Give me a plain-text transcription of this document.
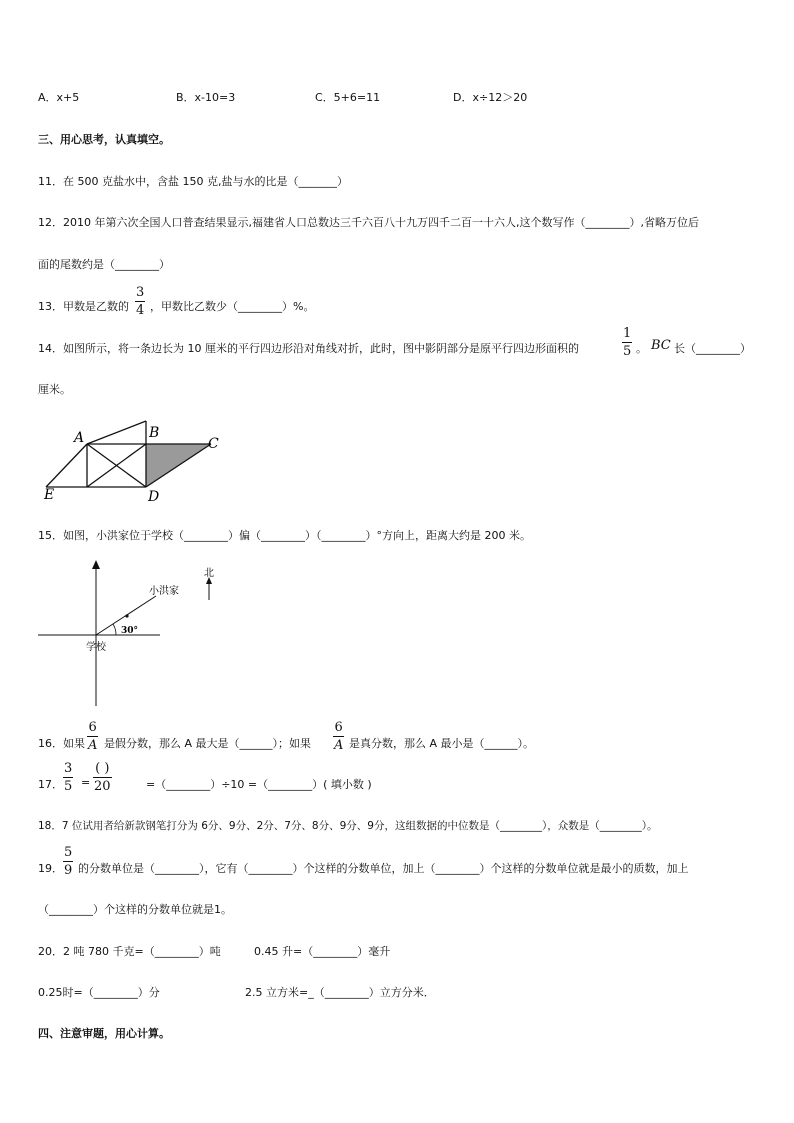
A．x+5	B．x-10=3	C．5+6=11	D．x÷12＞20
三、用心思考，认真填空。
11．在 500 克盐水中，含盐 150 克,盐与水的比是（_______）
12．2010 年第六次全国人口普查结果显示,福建省人口总数达三千六百八十九万四千二百一十六人,这个数写作（________）,省略万位后
面的尾数约是（________）
13．甲数是乙数的
3
4 ，甲数比乙数少（________）%。
14．如图所示，将一条边长为 10 厘米的平行四边形沿对角线对折，此时，图中影阴部分是原平行四边形面积的
1
5 。 BC 长（________）
厘米。
A	B
C
D
E
15．如图，小洪家位于学校（________）偏（________）（________）°方向上，距离大约是 200 米。
北
小洪家
30°
学校
16．如果
6
A 是假分数，那么 A 最大是（______）；如果
6
A 是真分数，那么 A 最小是（______）。
17．
3
5 =
( )
20	=（________）÷10 =（________）( 填小数 )
18．7 位试用者给新款钢笔打分为 6分、9分、2分、7分、8分、9分、9分，这组数据的中位数是（________），众数是（________）。
19．
5
9 的分数单位是（________），它有（________）个这样的分数单位，加上（________）个这样的分数单位就是最小的质数，加上
（________）个这样的分数单位就是1。
20．2 吨 780 千克=（________）吨	0.45 升=（________）毫升
0.25时=（________）分	2.5 立方米=_（________）立方分米．
四、注意审题，用心计算。
